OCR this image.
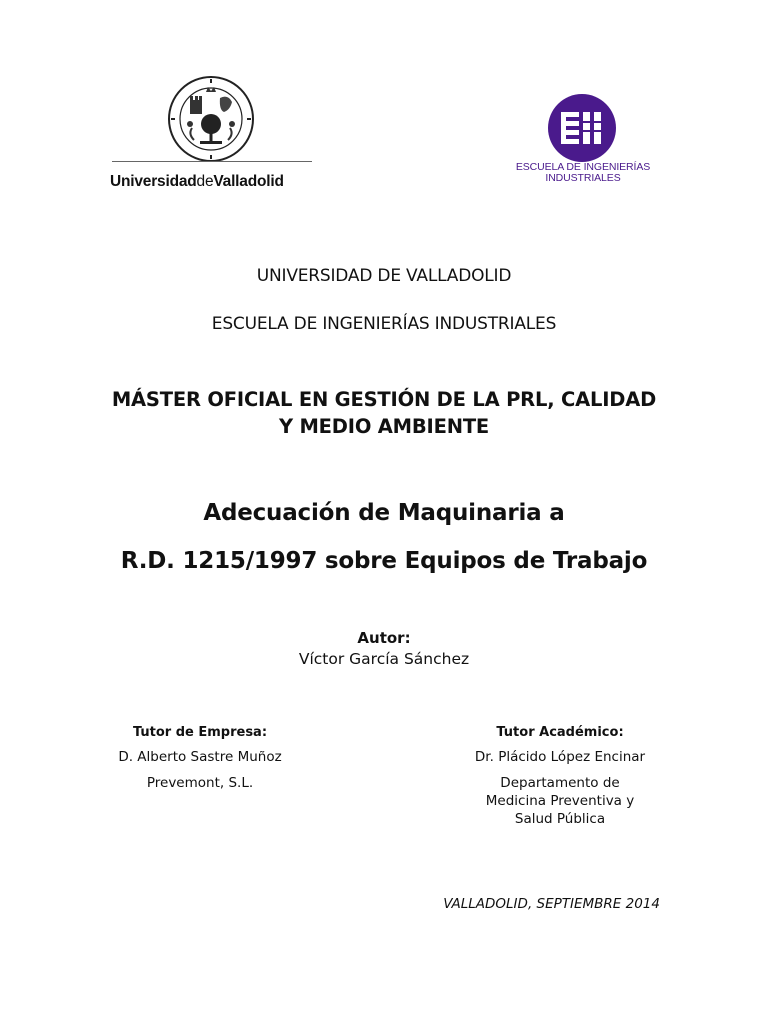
UniversidaddeValladolid
ESCUELA DE INGENIERÍAS
INDUSTRIALES
UNIVERSIDAD DE VALLADOLID
ESCUELA DE INGENIERÍAS INDUSTRIALES
MÁSTER OFICIAL EN GESTIÓN DE LA PRL, CALIDAD
Y MEDIO AMBIENTE
Adecuación de Maquinaria a
R.D. 1215/1997 sobre Equipos de Trabajo
Autor:
Víctor García Sánchez
Tutor de Empresa:
D. Alberto Sastre Muñoz
Prevemont, S.L.
Tutor Académico:
Dr. Plácido López Encinar
Departamento de
Medicina Preventiva y
Salud Pública
VALLADOLID, SEPTIEMBRE 2014
